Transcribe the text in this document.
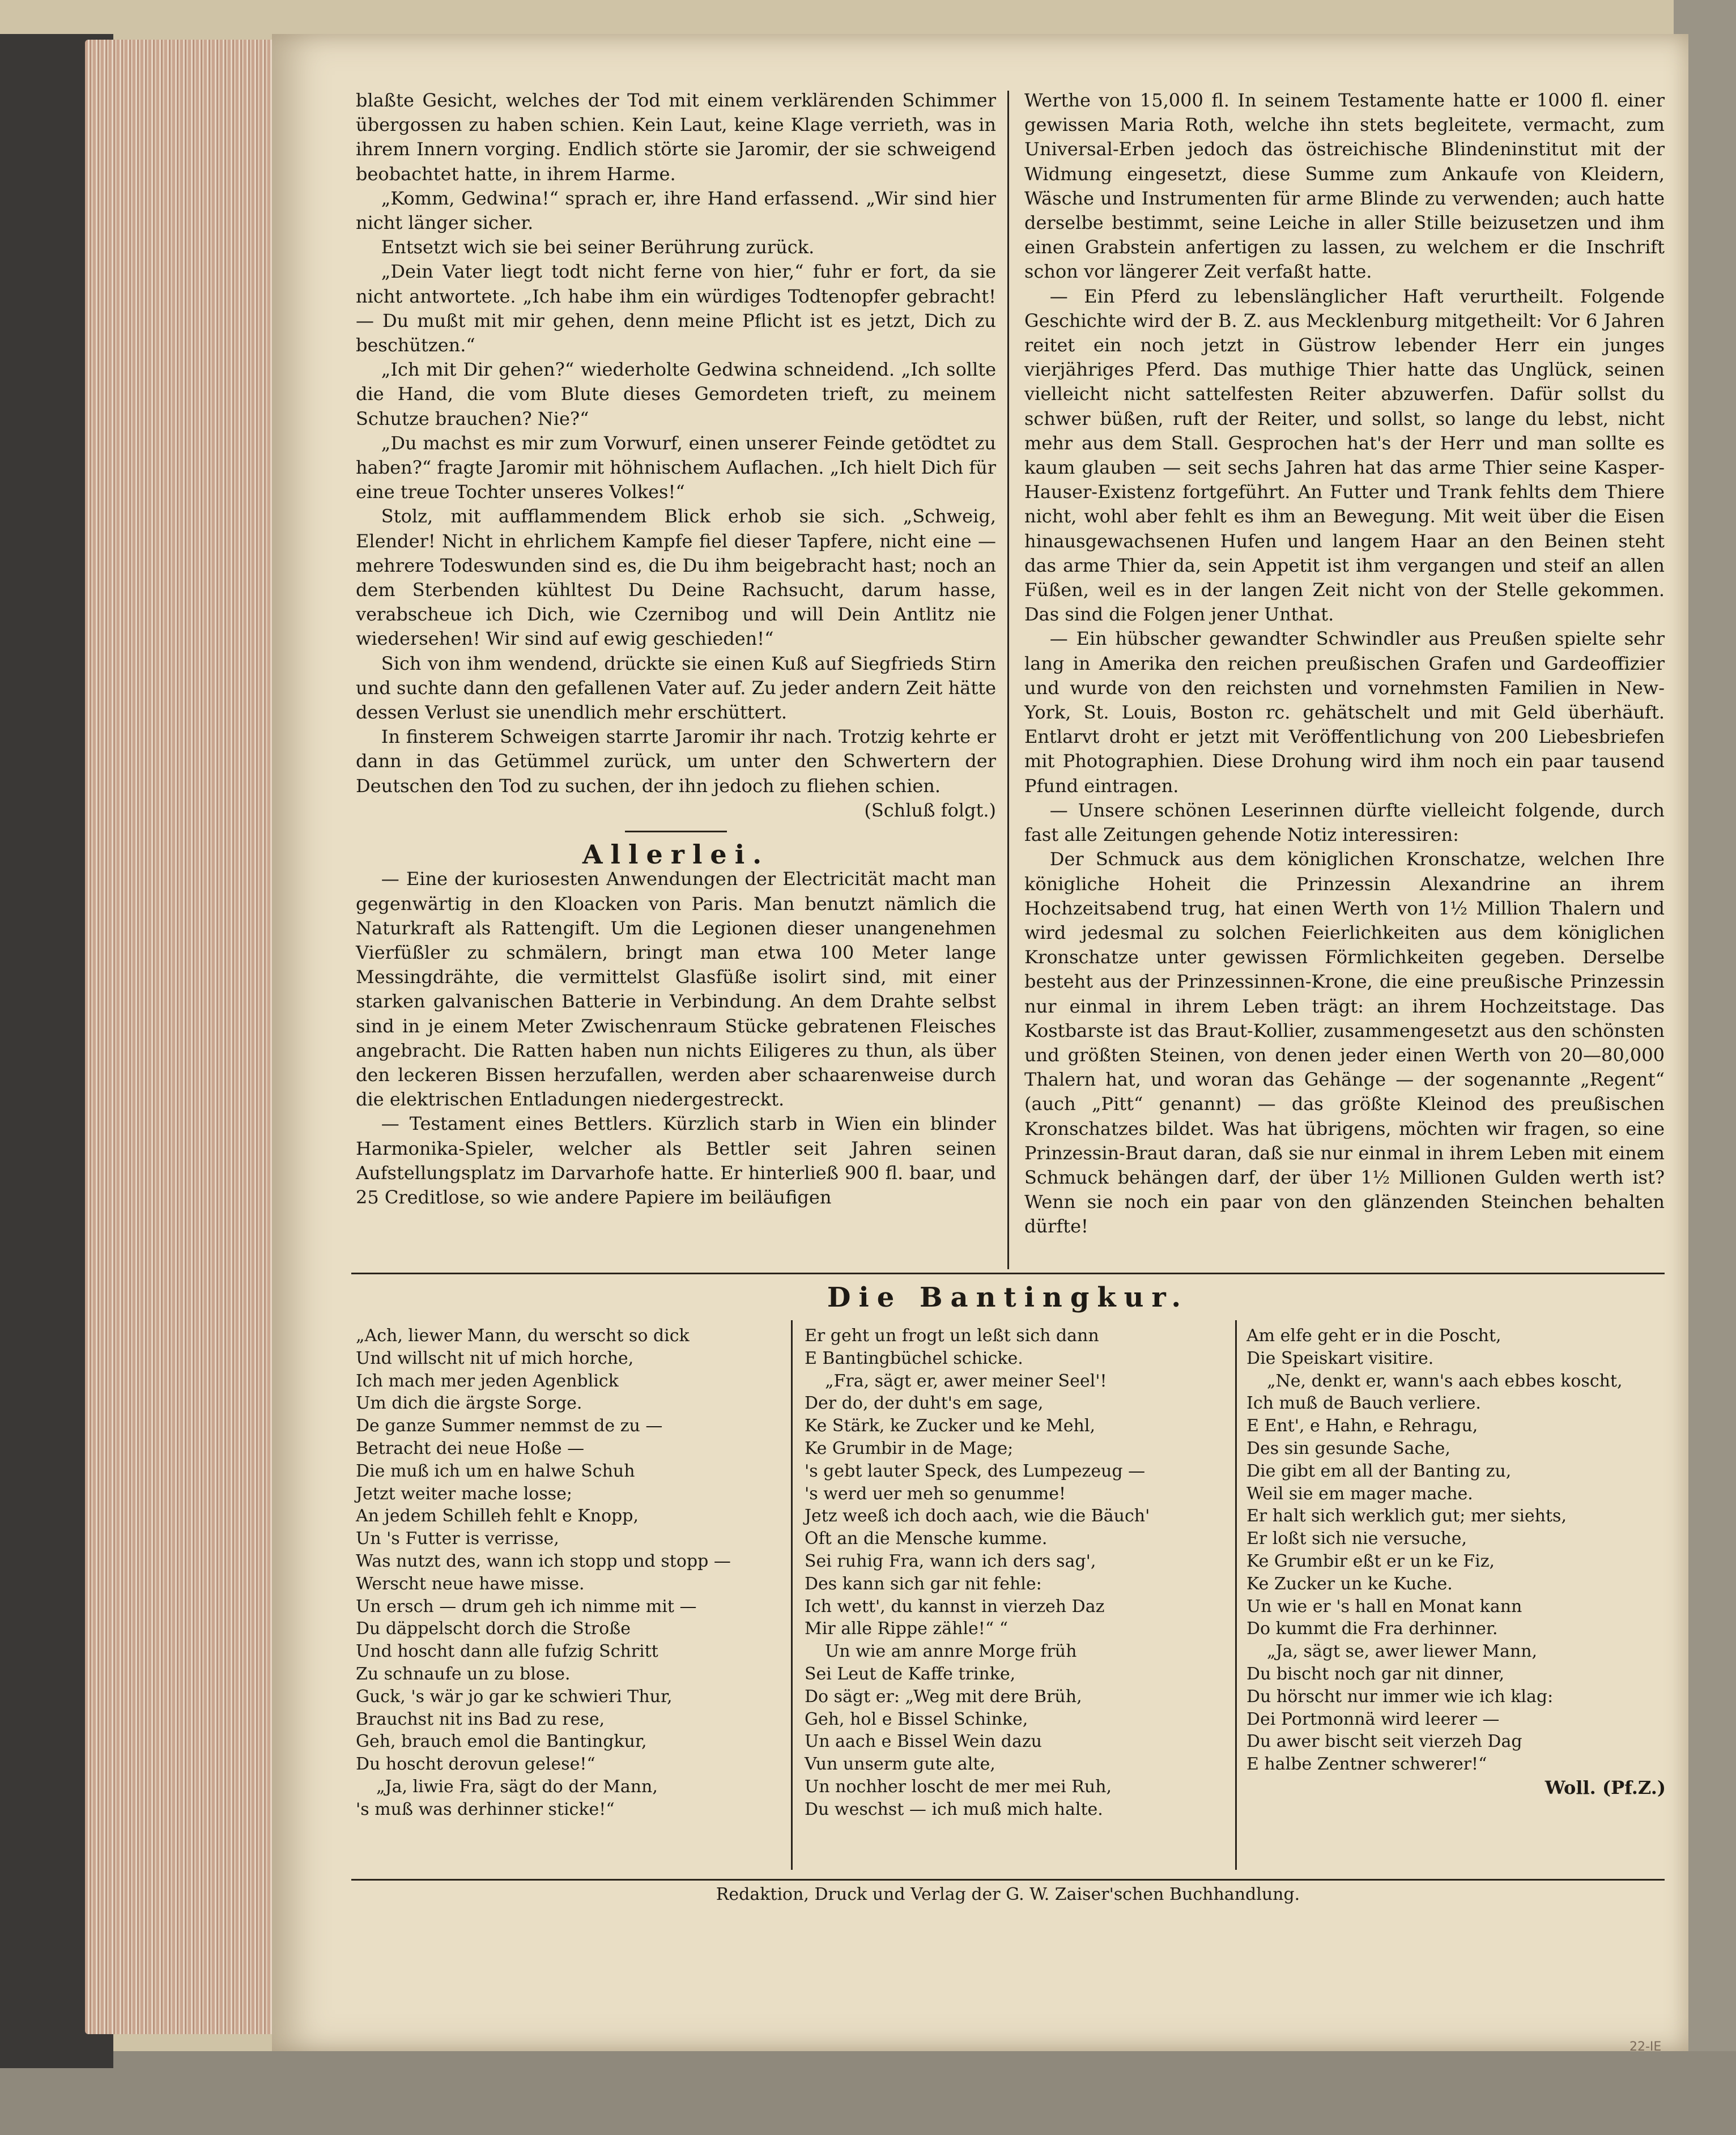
blaßte Gesicht, welches der Tod mit einem verklärenden Schimmer übergossen zu haben schien. Kein Laut, keine Klage verrieth, was in ihrem Innern vorging. Endlich störte sie Jaromir, der sie schweigend beobachtet hatte, in ihrem Harme.

„Komm, Gedwina!“ sprach er, ihre Hand erfassend. „Wir sind hier nicht länger sicher.

Entsetzt wich sie bei seiner Berührung zurück.

„Dein Vater liegt todt nicht ferne von hier,“ fuhr er fort, da sie nicht antwortete. „Ich habe ihm ein würdiges Todtenopfer gebracht! — Du mußt mit mir gehen, denn meine Pflicht ist es jetzt, Dich zu beschützen.“

„Ich mit Dir gehen?“ wiederholte Gedwina schneidend. „Ich sollte die Hand, die vom Blute dieses Gemordeten trieft, zu meinem Schutze brauchen? Nie?“

„Du machst es mir zum Vorwurf, einen unserer Feinde getödtet zu haben?“ fragte Jaromir mit höhnischem Auflachen. „Ich hielt Dich für eine treue Tochter unseres Volkes!“

Stolz, mit aufflammendem Blick erhob sie sich. „Schweig, Elender! Nicht in ehrlichem Kampfe fiel dieser Tapfere, nicht eine — mehrere Todeswunden sind es, die Du ihm beigebracht hast; noch an dem Sterbenden kühltest Du Deine Rachsucht, darum hasse, verabscheue ich Dich, wie Czernibog und will Dein Antlitz nie wiedersehen! Wir sind auf ewig geschieden!“

Sich von ihm wendend, drückte sie einen Kuß auf Siegfrieds Stirn und suchte dann den gefallenen Vater auf. Zu jeder andern Zeit hätte dessen Verlust sie unendlich mehr erschüttert.

In finsterem Schweigen starrte Jaromir ihr nach. Trotzig kehrte er dann in das Getümmel zurück, um unter den Schwertern der Deutschen den Tod zu suchen, der ihn jedoch zu fliehen schien.

(Schluß folgt.)

Allerlei.

— Eine der kuriosesten Anwendungen der Electricität macht man gegenwärtig in den Kloacken von Paris. Man benutzt nämlich die Naturkraft als Rattengift. Um die Legionen dieser unangenehmen Vierfüßler zu schmälern, bringt man etwa 100 Meter lange Messingdrähte, die vermittelst Glasfüße isolirt sind, mit einer starken galvanischen Batterie in Verbindung. An dem Drahte selbst sind in je einem Meter Zwischenraum Stücke gebratenen Fleisches angebracht. Die Ratten haben nun nichts Eiligeres zu thun, als über den leckeren Bissen herzufallen, werden aber schaarenweise durch die elektrischen Entladungen niedergestreckt.

— Testament eines Bettlers. Kürzlich starb in Wien ein blinder Harmonika-Spieler, welcher als Bettler seit Jahren seinen Aufstellungsplatz im Darvarhofe hatte. Er hinterließ 900 fl. baar, und 25 Creditlose, so wie andere Papiere im beiläufigen

Werthe von 15,000 fl. In seinem Testamente hatte er 1000 fl. einer gewissen Maria Roth, welche ihn stets begleitete, vermacht, zum Universal-Erben jedoch das östreichische Blindeninstitut mit der Widmung eingesetzt, diese Summe zum Ankaufe von Kleidern, Wäsche und Instrumenten für arme Blinde zu verwenden; auch hatte derselbe bestimmt, seine Leiche in aller Stille beizusetzen und ihm einen Grabstein anfertigen zu lassen, zu welchem er die Inschrift schon vor längerer Zeit verfaßt hatte.

— Ein Pferd zu lebenslänglicher Haft verurtheilt. Folgende Geschichte wird der B. Z. aus Mecklenburg mitgetheilt: Vor 6 Jahren reitet ein noch jetzt in Güstrow lebender Herr ein junges vierjähriges Pferd. Das muthige Thier hatte das Unglück, seinen vielleicht nicht sattelfesten Reiter abzuwerfen. Dafür sollst du schwer büßen, ruft der Reiter, und sollst, so lange du lebst, nicht mehr aus dem Stall. Gesprochen hat's der Herr und man sollte es kaum glauben — seit sechs Jahren hat das arme Thier seine Kasper-Hauser-Existenz fortgeführt. An Futter und Trank fehlts dem Thiere nicht, wohl aber fehlt es ihm an Bewegung. Mit weit über die Eisen hinausgewachsenen Hufen und langem Haar an den Beinen steht das arme Thier da, sein Appetit ist ihm vergangen und steif an allen Füßen, weil es in der langen Zeit nicht von der Stelle gekommen. Das sind die Folgen jener Unthat.

— Ein hübscher gewandter Schwindler aus Preußen spielte sehr lang in Amerika den reichen preußischen Grafen und Gardeoffizier und wurde von den reichsten und vornehmsten Familien in New-York, St. Louis, Boston rc. gehätschelt und mit Geld überhäuft. Entlarvt droht er jetzt mit Veröffentlichung von 200 Liebesbriefen mit Photographien. Diese Drohung wird ihm noch ein paar tausend Pfund eintragen.

— Unsere schönen Leserinnen dürfte vielleicht folgende, durch fast alle Zeitungen gehende Notiz interessiren:

Der Schmuck aus dem königlichen Kronschatze, welchen Ihre königliche Hoheit die Prinzessin Alexandrine an ihrem Hochzeitsabend trug, hat einen Werth von 1½ Million Thalern und wird jedesmal zu solchen Feierlichkeiten aus dem königlichen Kronschatze unter gewissen Förmlichkeiten gegeben. Derselbe besteht aus der Prinzessinnen-Krone, die eine preußische Prinzessin nur einmal in ihrem Leben trägt: an ihrem Hochzeitstage. Das Kostbarste ist das Braut-Kollier, zusammengesetzt aus den schönsten und größten Steinen, von denen jeder einen Werth von 20—80,000 Thalern hat, und woran das Gehänge — der sogenannte „Regent“ (auch „Pitt“ genannt) — das größte Kleinod des preußischen Kronschatzes bildet. Was hat übrigens, möchten wir fragen, so eine Prinzessin-Braut daran, daß sie nur einmal in ihrem Leben mit einem Schmuck behängen darf, der über 1½ Millionen Gulden werth ist? Wenn sie noch ein paar von den glänzenden Steinchen behalten dürfte!

Die Bantingkur.
„Ach, liewer Mann, du werscht so dick
Und willscht nit uf mich horche,
Ich mach mer jeden Agenblick
Um dich die ärgste Sorge.
De ganze Summer nemmst de zu —
Betracht dei neue Hoße —
Die muß ich um en halwe Schuh
Jetzt weiter mache losse;
An jedem Schilleh fehlt e Knopp,
Un 's Futter is verrisse,
Was nutzt des, wann ich stopp und stopp —
Werscht neue hawe misse.
Un ersch — drum geh ich nimme mit —
Du däppelscht dorch die Stroße
Und hoscht dann alle fufzig Schritt
Zu schnaufe un zu blose.
Guck, 's wär jo gar ke schwieri Thur,
Brauchst nit ins Bad zu rese,
Geh, brauch emol die Bantingkur,
Du hoscht derovun gelese!“
„Ja, liwie Fra, sägt do der Mann,
's muß was derhinner sticke!“
Er geht un frogt un leßt sich dann
E Bantingbüchel schicke.
„Fra, sägt er, awer meiner Seel'!
Der do, der duht's em sage,
Ke Stärk, ke Zucker und ke Mehl,
Ke Grumbir in de Mage;
's gebt lauter Speck, des Lumpezeug —
's werd uer meh so genumme!
Jetz weeß ich doch aach, wie die Bäuch'
Oft an die Mensche kumme.
Sei ruhig Fra, wann ich ders sag',
Des kann sich gar nit fehle:
Ich wett', du kannst in vierzeh Daz
Mir alle Rippe zähle!“ “
Un wie am annre Morge früh
Sei Leut de Kaffe trinke,
Do sägt er: „Weg mit dere Brüh,
Geh, hol e Bissel Schinke,
Un aach e Bissel Wein dazu
Vun unserm gute alte,
Un nochher loscht de mer mei Ruh,
Du weschst — ich muß mich halte.
Am elfe geht er in die Poscht,
Die Speiskart visitire.
„Ne, denkt er, wann's aach ebbes koscht,
Ich muß de Bauch verliere.
E Ent', e Hahn, e Rehragu,
Des sin gesunde Sache,
Die gibt em all der Banting zu,
Weil sie em mager mache.
Er halt sich werklich gut; mer siehts,
Er loßt sich nie versuche,
Ke Grumbir eßt er un ke Fiz,
Ke Zucker un ke Kuche.
Un wie er 's hall en Monat kann
Do kummt die Fra derhinner.
„Ja, sägt se, awer liewer Mann,
Du bischt noch gar nit dinner,
Du hörscht nur immer wie ich klag:
Dei Portmonnä wird leerer —
Du awer bischt seit vierzeh Dag
E halbe Zentner schwerer!“
Woll. (Pf.Z.)
Redaktion, Druck und Verlag der G. W. Zaiser'schen Buchhandlung.
22-IE
